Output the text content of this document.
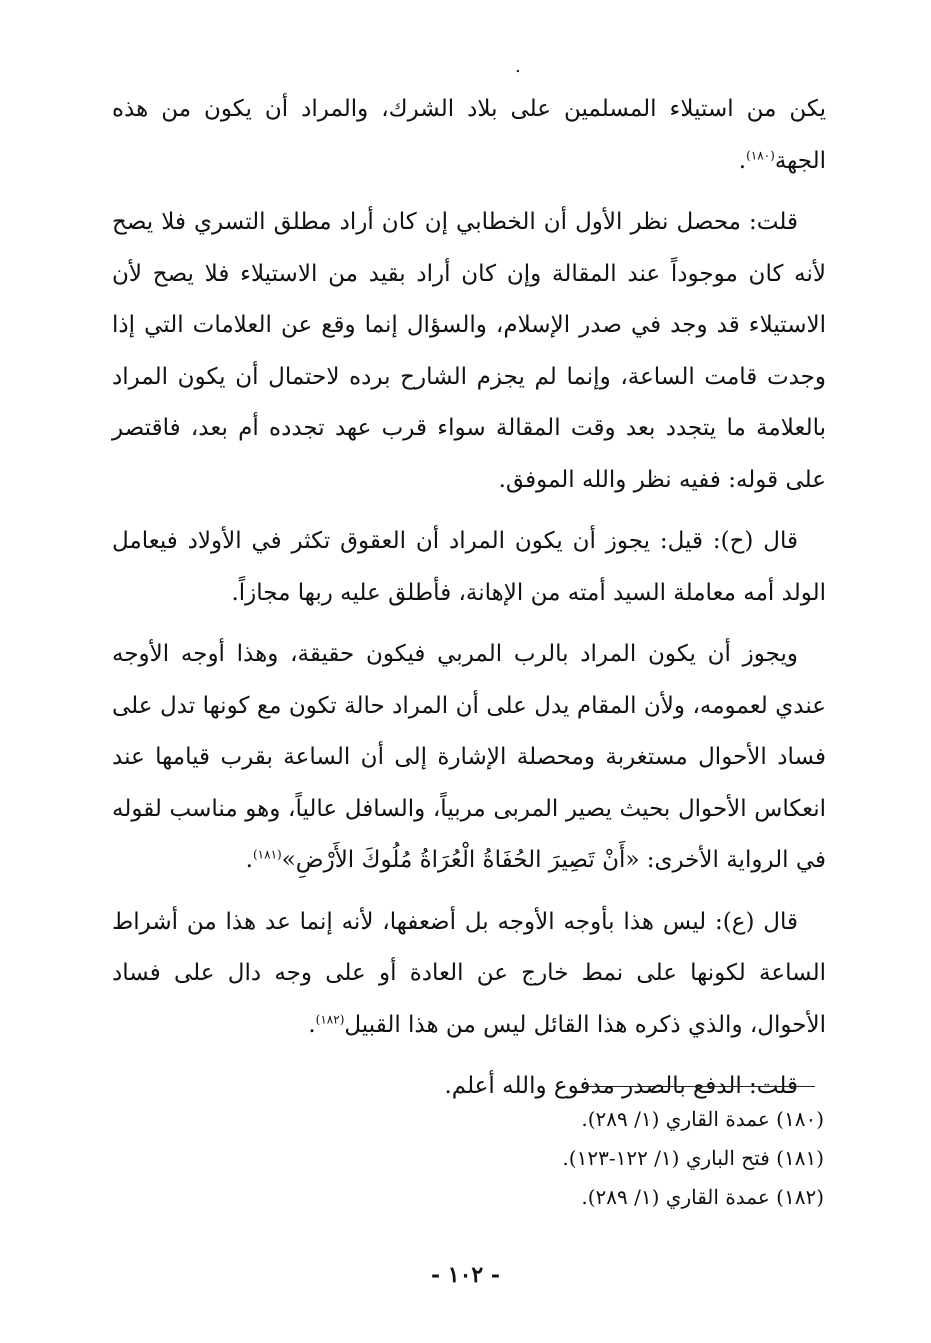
.

يكن من استيلاء المسلمين على بلاد الشرك، والمراد أن يكون من هذه الجهة$^{(١٨٠)}$.

قلت: محصل نظر الأول أن الخطابي إن كان أراد مطلق التسري فلا يصح لأنه كان موجوداً عند المقالة وإن كان أراد بقيد من الاستيلاء فلا يصح لأن الاستيلاء قد وجد في صدر الإسلام، والسؤال إنما وقع عن العلامات التي إذا وجدت قامت الساعة، وإنما لم يجزم الشارح برده لاحتمال أن يكون المراد بالعلامة ما يتجدد بعد وقت المقالة سواء قرب عهد تجدده أم بعد، فاقتصر على قوله: ففيه نظر والله الموفق.

قال (ح): قيل: يجوز أن يكون المراد أن العقوق تكثر في الأولاد فيعامل الولد أمه معاملة السيد أمته من الإهانة، فأطلق عليه ربها مجازاً.

ويجوز أن يكون المراد بالرب المربي فيكون حقيقة، وهذا أوجه الأوجه عندي لعمومه، ولأن المقام يدل على أن المراد حالة تكون مع كونها تدل على فساد الأحوال مستغربة ومحصلة الإشارة إلى أن الساعة بقرب قيامها عند انعكاس الأحوال بحيث يصير المربى مربياً، والسافل عالياً، وهو مناسب لقوله في الرواية الأخرى: «أَنْ تَصِيرَ الحُفَاةُ الْعُرَاةُ مُلُوكَ الأَرْضِ»$^{(١٨١)}$.

قال (ع): ليس هذا بأوجه الأوجه بل أضعفها، لأنه إنما عد هذا من أشراط الساعة لكونها على نمط خارج عن العادة أو على وجه دال على فساد الأحوال، والذي ذكره هذا القائل ليس من هذا القبيل$^{(١٨٢)}$.

قلت: الدفع بالصدر مدفوع والله أعلم.

(١٨٠) عمدة القاري (١/ ٢٨٩).
(١٨١) فتح الباري (١/ ١٢٢-١٢٣).
(١٨٢) عمدة القاري (١/ ٢٨٩).
- ١٠٢ -
